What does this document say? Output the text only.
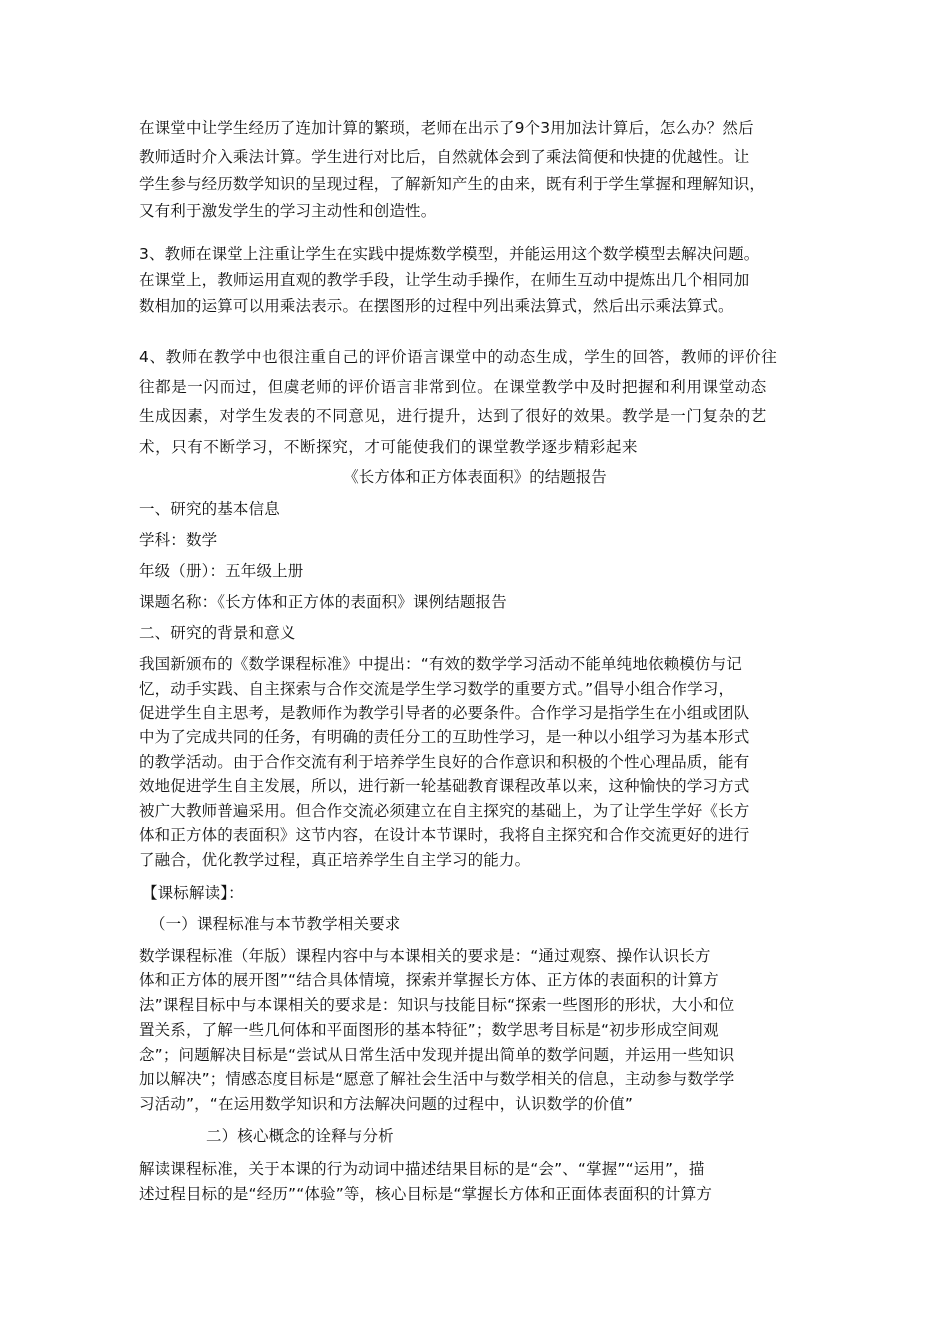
在课堂中让学生经历了连加计算的繁琐，老师在出示了9个3用加法计算后，怎么办？然后
教师适时介入乘法计算。学生进行对比后，自然就体会到了乘法简便和快捷的优越性。让
学生参与经历数学知识的呈现过程，了解新知产生的由来，既有利于学生掌握和理解知识，
又有利于激发学生的学习主动性和创造性。
3、教师在课堂上注重让学生在实践中提炼数学模型，并能运用这个数学模型去解决问题。
在课堂上，教师运用直观的教学手段，让学生动手操作，在师生互动中提炼出几个相同加
数相加的运算可以用乘法表示。在摆图形的过程中列出乘法算式，然后出示乘法算式。
4、教师在教学中也很注重自己的评价语言课堂中的动态生成，学生的回答，教师的评价往
往都是一闪而过，但虞老师的评价语言非常到位。在课堂教学中及时把握和利用课堂动态
生成因素，对学生发表的不同意见，进行提升，达到了很好的效果。教学是一门复杂的艺
术，只有不断学习，不断探究，才可能使我们的课堂教学逐步精彩起来
《长方体和正方体表面积》的结题报告
一、研究的基本信息
学科：数学
年级（册）：五年级上册
课题名称：《长方体和正方体的表面积》课例结题报告
二、研究的背景和意义
我国新颁布的《数学课程标准》中提出：“有效的数学学习活动不能单纯地依赖模仿与记
忆，动手实践、自主探索与合作交流是学生学习数学的重要方式。”倡导小组合作学习，
促进学生自主思考，是教师作为教学引导者的必要条件。合作学习是指学生在小组或团队
中为了完成共同的任务，有明确的责任分工的互助性学习，是一种以小组学习为基本形式
的教学活动。由于合作交流有利于培养学生良好的合作意识和积极的个性心理品质，能有
效地促进学生自主发展，所以，进行新一轮基础教育课程改革以来，这种愉快的学习方式
被广大教师普遍采用。但合作交流必须建立在自主探究的基础上，为了让学生学好《长方
体和正方体的表面积》这节内容，在设计本节课时，我将自主探究和合作交流更好的进行
了融合，优化教学过程，真正培养学生自主学习的能力。
【课标解读】：
（一）课程标准与本节教学相关要求
数学课程标准（年版）课程内容中与本课相关的要求是：“通过观察、操作认识长方
体和正方体的展开图”“结合具体情境，探索并掌握长方体、正方体的表面积的计算方
法”课程目标中与本课相关的要求是：知识与技能目标“探索一些图形的形状，大小和位
置关系，了解一些几何体和平面图形的基本特征”；数学思考目标是“初步形成空间观
念”；问题解决目标是“尝试从日常生活中发现并提出简单的数学问题，并运用一些知识
加以解决”；情感态度目标是“愿意了解社会生活中与数学相关的信息，主动参与数学学
习活动”，“在运用数学知识和方法解决问题的过程中，认识数学的价值”
二）核心概念的诠释与分析
解读课程标准，关于本课的行为动词中描述结果目标的是“会”、“掌握”“运用”，描
述过程目标的是“经历”“体验”等，核心目标是“掌握长方体和正面体表面积的计算方
